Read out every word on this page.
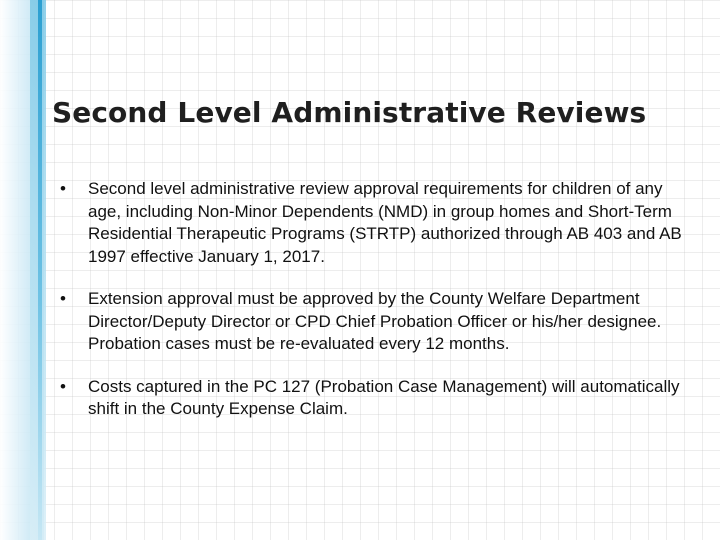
Second Level Administrative Reviews
•	Second level administrative review approval requirements for children of any age, including Non-Minor Dependents (NMD) in group homes and Short-Term Residential Therapeutic Programs (STRTP) authorized through AB 403 and AB 1997 effective January 1, 2017.
•	Extension approval must be approved by the County Welfare Department Director/Deputy Director or CPD Chief Probation Officer or his/her designee. Probation cases must be re-evaluated every 12 months.
•	Costs captured in the PC 127 (Probation Case Management) will automatically shift in the County Expense Claim.
